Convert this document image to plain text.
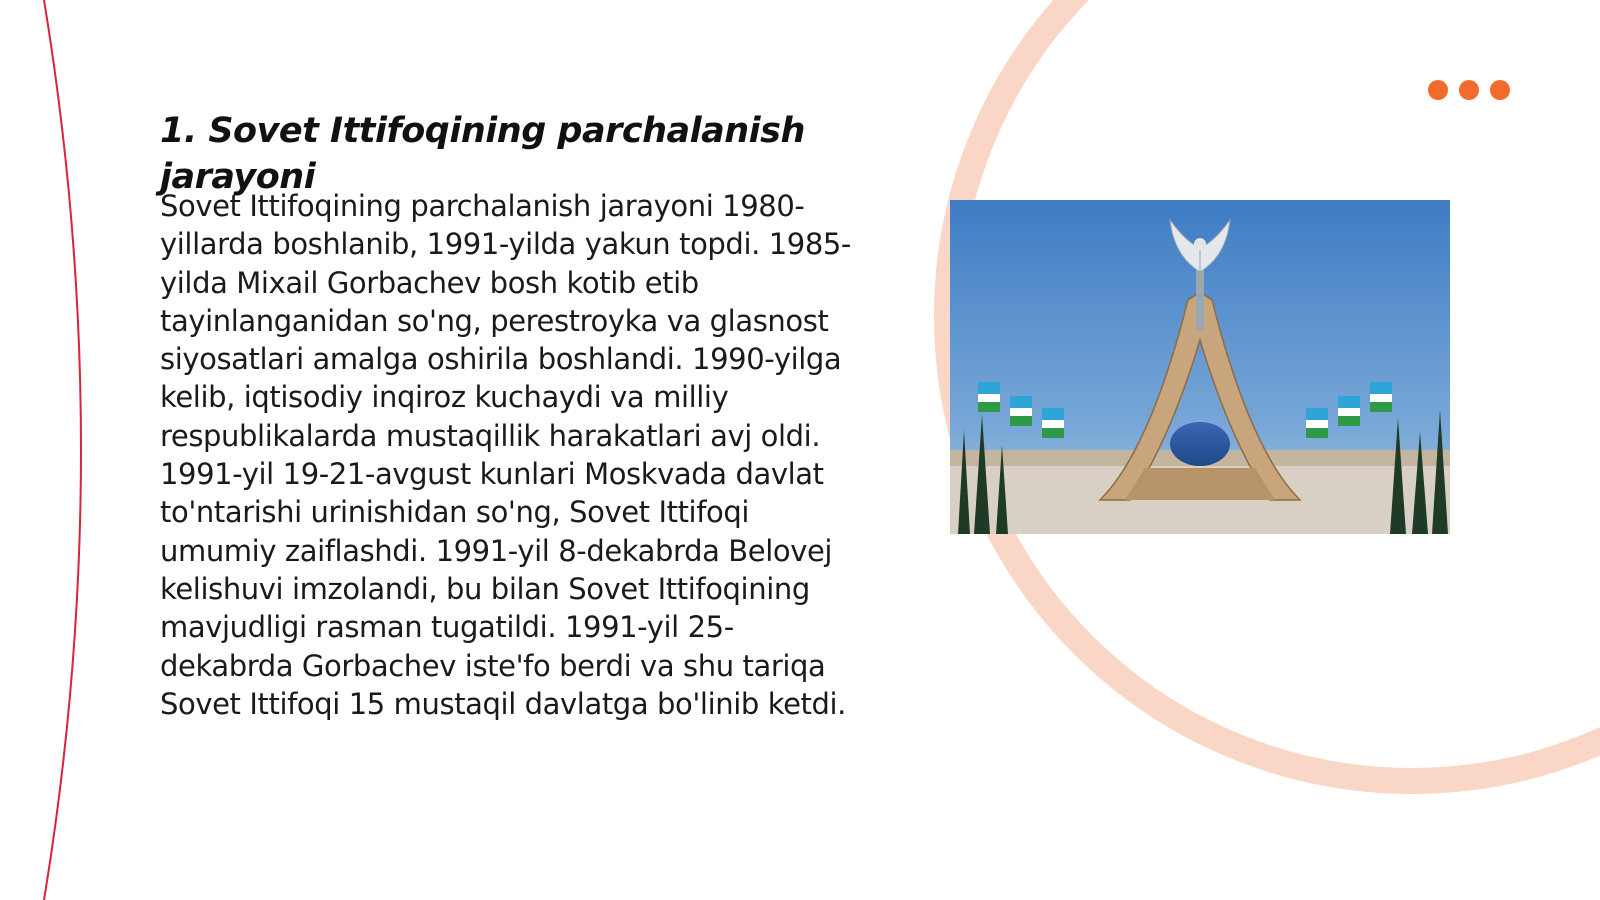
1. Sovet Ittifoqining parchalanish jarayoni

Sovet Ittifoqining parchalanish jarayoni 1980-yillarda boshlanib, 1991-yilda yakun topdi. 1985-yilda Mixail Gorbachev bosh kotib etib tayinlanganidan so'ng, perestroyka va glasnost siyosatlari amalga oshirila boshlandi. 1990-yilga kelib, iqtisodiy inqiroz kuchaydi va milliy respublikalarda mustaqillik harakatlari avj oldi. 1991-yil 19-21-avgust kunlari Moskvada davlat to'ntarishi urinishidan so'ng, Sovet Ittifoqi umumiy zaiflashdi. 1991-yil 8-dekabrda Belovej kelishuvi imzolandi, bu bilan Sovet Ittifoqining mavjudligi rasman tugatildi. 1991-yil 25-dekabrda Gorbachev iste'fo berdi va shu tariqa Sovet Ittifoqi 15 mustaqil davlatga bo'linib ketdi.
